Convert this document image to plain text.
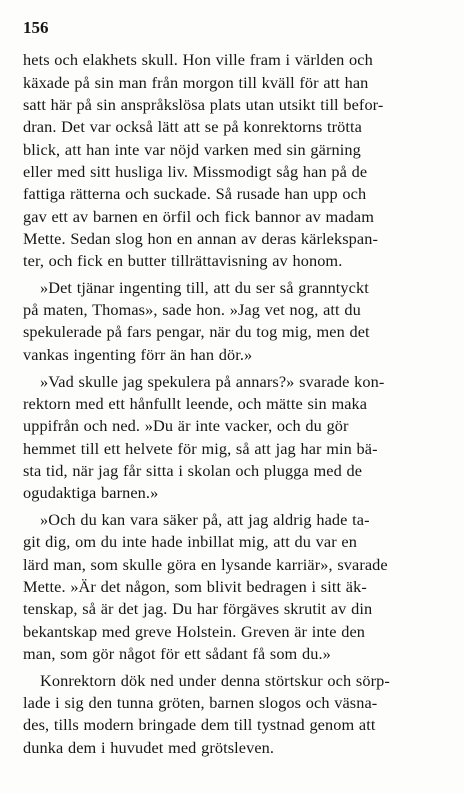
156
hets och elakhets skull. Hon ville fram i världen och
käxade på sin man från morgon till kväll för att han
satt här på sin anspråkslösa plats utan utsikt till befor-
dran. Det var också lätt att se på konrektorns trötta
blick, att han inte var nöjd varken med sin gärning
eller med sitt husliga liv. Missmodigt såg han på de
fattiga rätterna och suckade. Så rusade han upp och
gav ett av barnen en örfil och fick bannor av madam
Mette. Sedan slog hon en annan av deras kärlekspan-
ter, och fick en butter tillrättavisning av honom.
»Det tjänar ingenting till, att du ser så granntyckt
på maten, Thomas», sade hon. »Jag vet nog, att du
spekulerade på fars pengar, när du tog mig, men det
vankas ingenting förr än han dör.»
»Vad skulle jag spekulera på annars?» svarade kon-
rektorn med ett hånfullt leende, och mätte sin maka
uppifrån och ned. »Du är inte vacker, och du gör
hemmet till ett helvete för mig, så att jag har min bä-
sta tid, när jag får sitta i skolan och plugga med de
ogudaktiga barnen.»
»Och du kan vara säker på, att jag aldrig hade ta-
git dig, om du inte hade inbillat mig, att du var en
lärd man, som skulle göra en lysande karriär», svarade
Mette. »Är det någon, som blivit bedragen i sitt äk-
tenskap, så är det jag. Du har förgäves skrutit av din
bekantskap med greve Holstein. Greven är inte den
man, som gör något för ett sådant få som du.»
Konrektorn dök ned under denna störtskur och sörp-
lade i sig den tunna gröten, barnen slogos och väsna-
des, tills modern bringade dem till tystnad genom att
dunka dem i huvudet med grötsleven.
